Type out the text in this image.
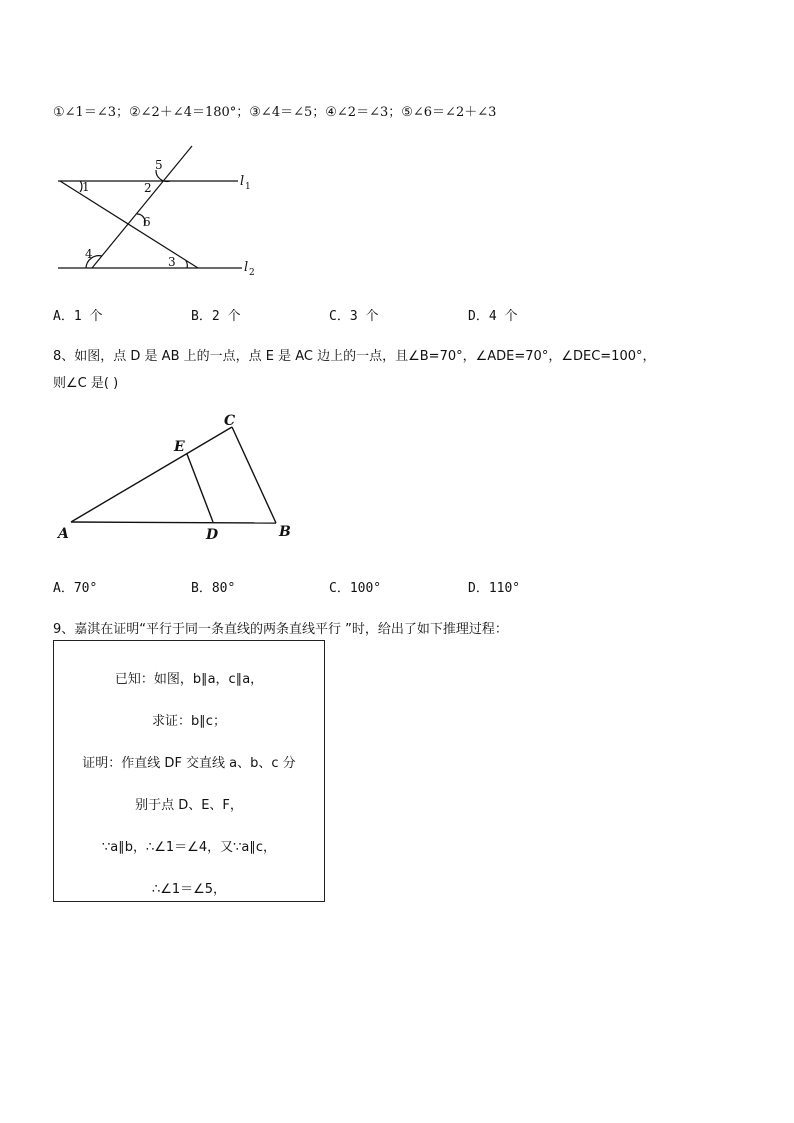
①∠1＝∠3；②∠2＋∠4＝180°；③∠4＝∠5；④∠2＝∠3；⑤∠6＝∠2＋∠3
1	2
3
4
5
6
l 1
l 2
A．1 个	B．2 个	C．3 个	D．4 个
8、如图，点 D 是 AB 上的一点，点 E 是 AC 边上的一点，且∠B=70°，∠ADE=70°，∠DEC=100°，
则∠C 是( )
A	B
C
D
E
A．70°	B．80°	C．100°	D．110°
9、嘉淇在证明“平行于同一条直线的两条直线平行 ”时，给出了如下推理过程：
已知：如图，b∥a，c∥a，
求证：b∥c；
证明：作直线 DF 交直线 a、b、c 分
别于点 D、E、F，
∵a∥b，∴∠1＝∠4，又∵a∥c，
∴∠1＝∠5，
